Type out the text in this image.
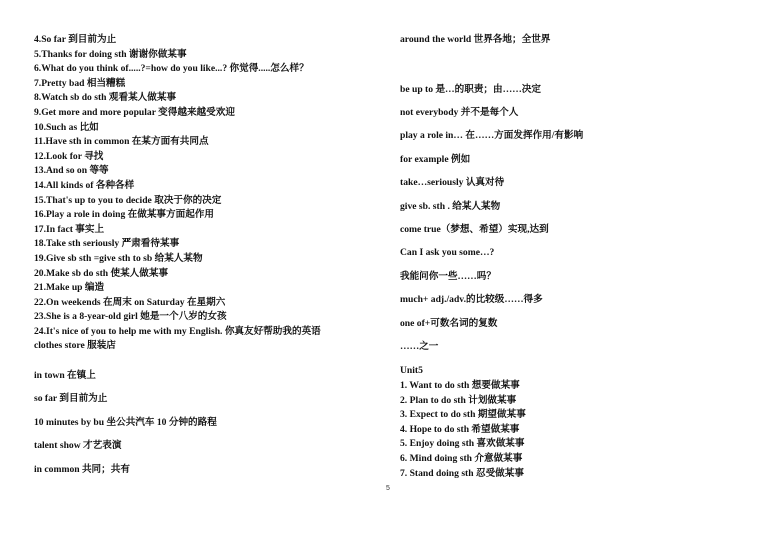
4.So far 到目前为止
5.Thanks for doing sth 谢谢你做某事
6.What do you think of.....?=how do you like...? 你觉得.....怎么样？
7.Pretty bad 相当糟糕
8.Watch sb do sth 观看某人做某事
9.Get more and more popular 变得越来越受欢迎
10.Such as 比如
11.Have sth in common 在某方面有共同点
12.Look for 寻找
13.And so on 等等
14.All kinds of 各种各样
15.That's up to you to decide 取决于你的决定
16.Play a role in doing 在做某事方面起作用
17.In fact 事实上
18.Take sth seriously 严肃看待某事
19.Give sb sth =give sth to sb 给某人某物
20.Make sb do sth 使某人做某事
21.Make up 编造
22.On weekends 在周末 on Saturday 在星期六
23.She is a 8-year-old girl 她是一个八岁的女孩
24.It's nice of you to help me with my English. 你真友好帮助我的英语
clothes store 服装店
in town 在镇上
so far 到目前为止
10 minutes by bu 坐公共汽车 10 分钟的路程
talent show 才艺表演
in common 共同；共有
around the world 世界各地；全世界
be up to 是…的职责；由……决定
not everybody 并不是每个人
play a role in… 在……方面发挥作用/有影响
for example 例如
take…seriously 认真对待
give sb. sth . 给某人某物
come true（梦想、希望）实现,达到
Can I ask you some…?
我能问你一些……吗？
much+ adj./adv.的比较级……得多
one of+可数名词的复数
……之一
Unit5
1. Want to do sth 想要做某事
2. Plan to do sth 计划做某事
3. Expect to do sth 期望做某事
4. Hope to do sth 希望做某事
5. Enjoy doing sth 喜欢做某事
6. Mind doing sth 介意做某事
7. Stand doing sth 忍受做某事
5
